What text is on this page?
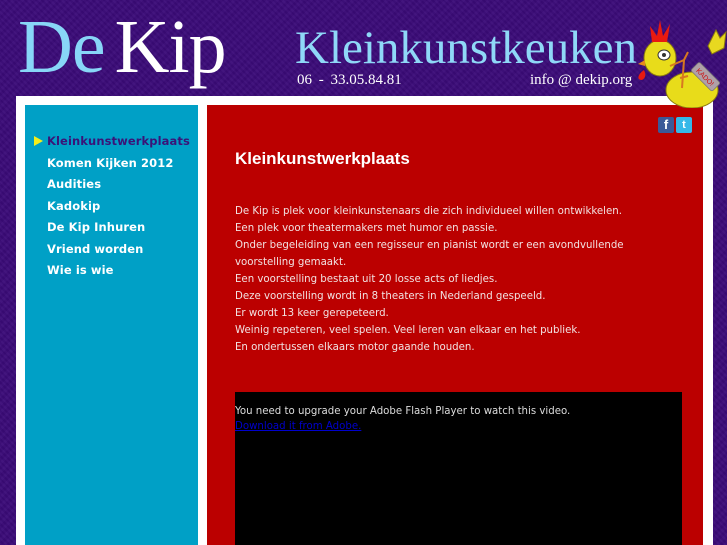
De Kip Kleinkunstkeuken
06 - 33.05.84.81	info @ dekip.org
Kleinkunstwerkplaats
Komen Kijken 2012
Audities
Kadokip
De Kip Inhuren
Vriend worden
Wie is wie
f	t
Kleinkunstwerkplaats
De Kip is plek voor kleinkunstenaars die zich individueel willen ontwikkelen.
Een plek voor theatermakers met humor en passie.
Onder begeleiding van een regisseur en pianist wordt er een avondvullende voorstelling gemaakt.
Een voorstelling bestaat uit 20 losse acts of liedjes.
Deze voorstelling wordt in 8 theaters in Nederland gespeeld.
Er wordt 13 keer gerepeteerd.
Weinig repeteren, veel spelen. Veel leren van elkaar en het publiek.
En ondertussen elkaars motor gaande houden.
You need to upgrade your Adobe Flash Player to watch this video.
Download it from Adobe.
KADO!
